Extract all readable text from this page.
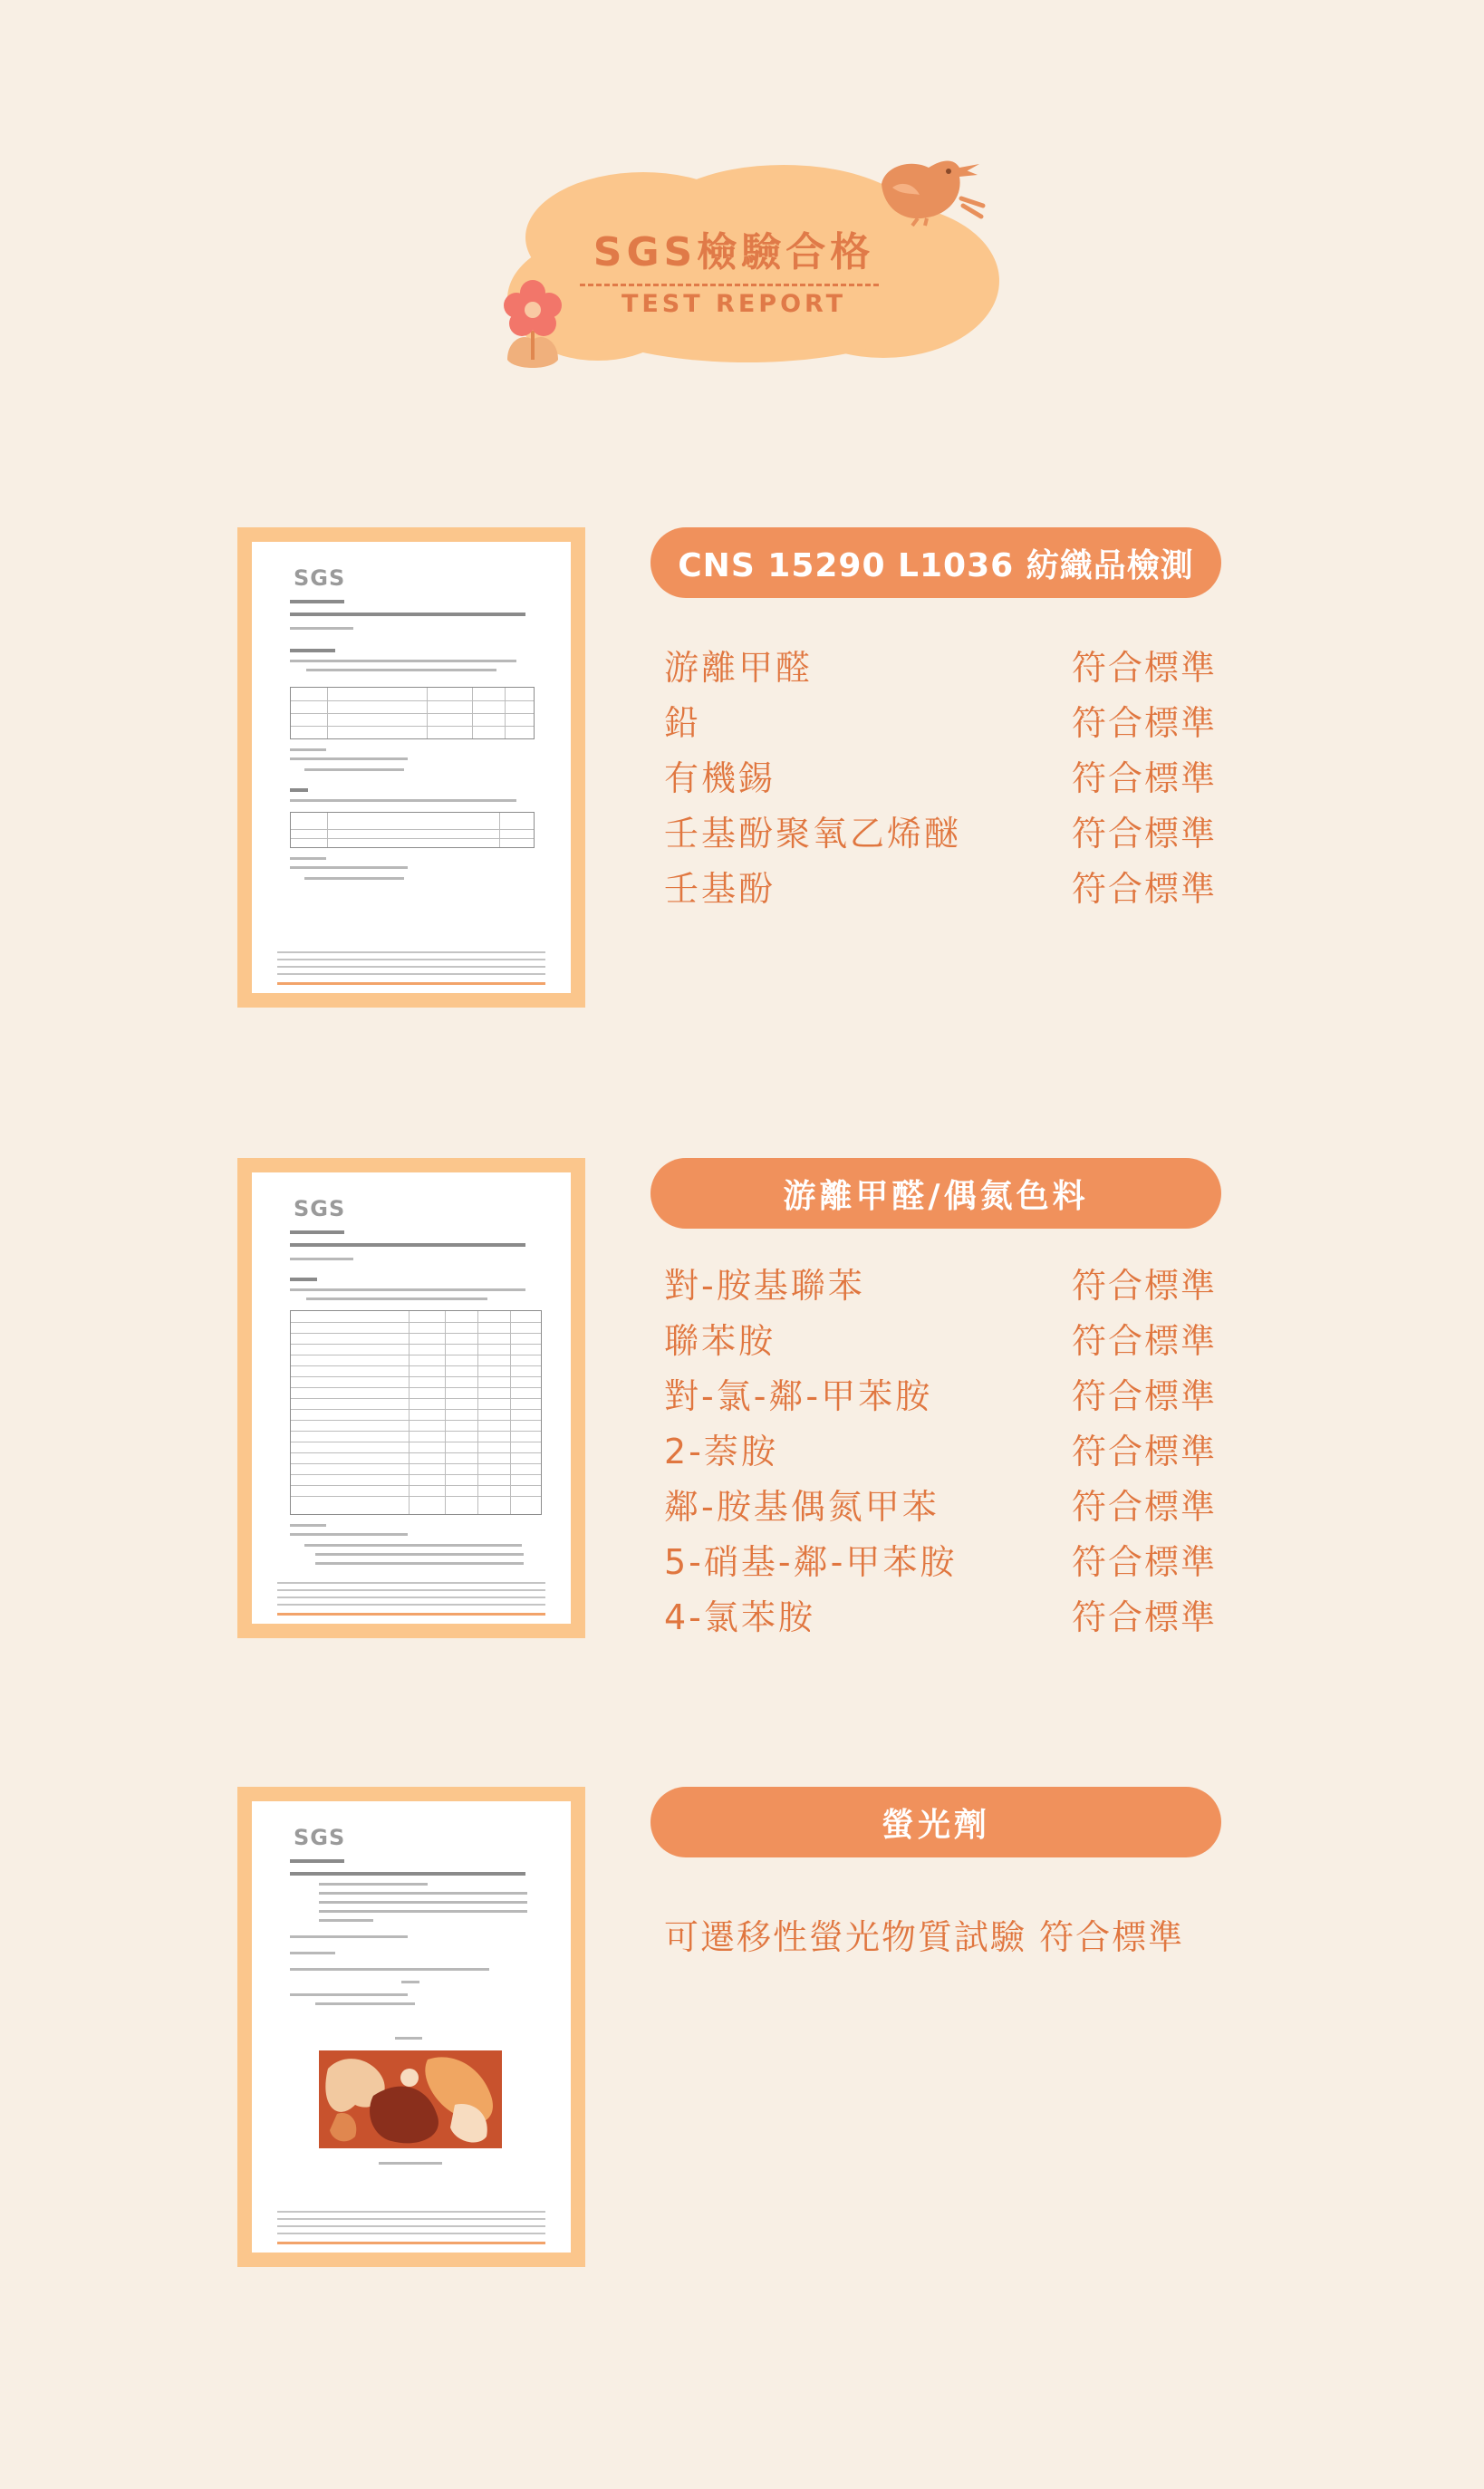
SGS檢驗合格
TEST REPORT
SGS	CNS 15290 L1036 紡織品檢測
游離甲醛	符合標準
鉛	符合標準
有機錫	符合標準
壬基酚聚氧乙烯醚	符合標準
壬基酚	符合標準
SGS	游離甲醛/偶氮色料
對-胺基聯苯	符合標準
聯苯胺	符合標準
對-氯-鄰-甲苯胺	符合標準
2-萘胺	符合標準
鄰-胺基偶氮甲苯	符合標準
5-硝基-鄰-甲苯胺	符合標準
4-氯苯胺	符合標準
SGS	螢光劑
可遷移性螢光物質試驗 符合標準
